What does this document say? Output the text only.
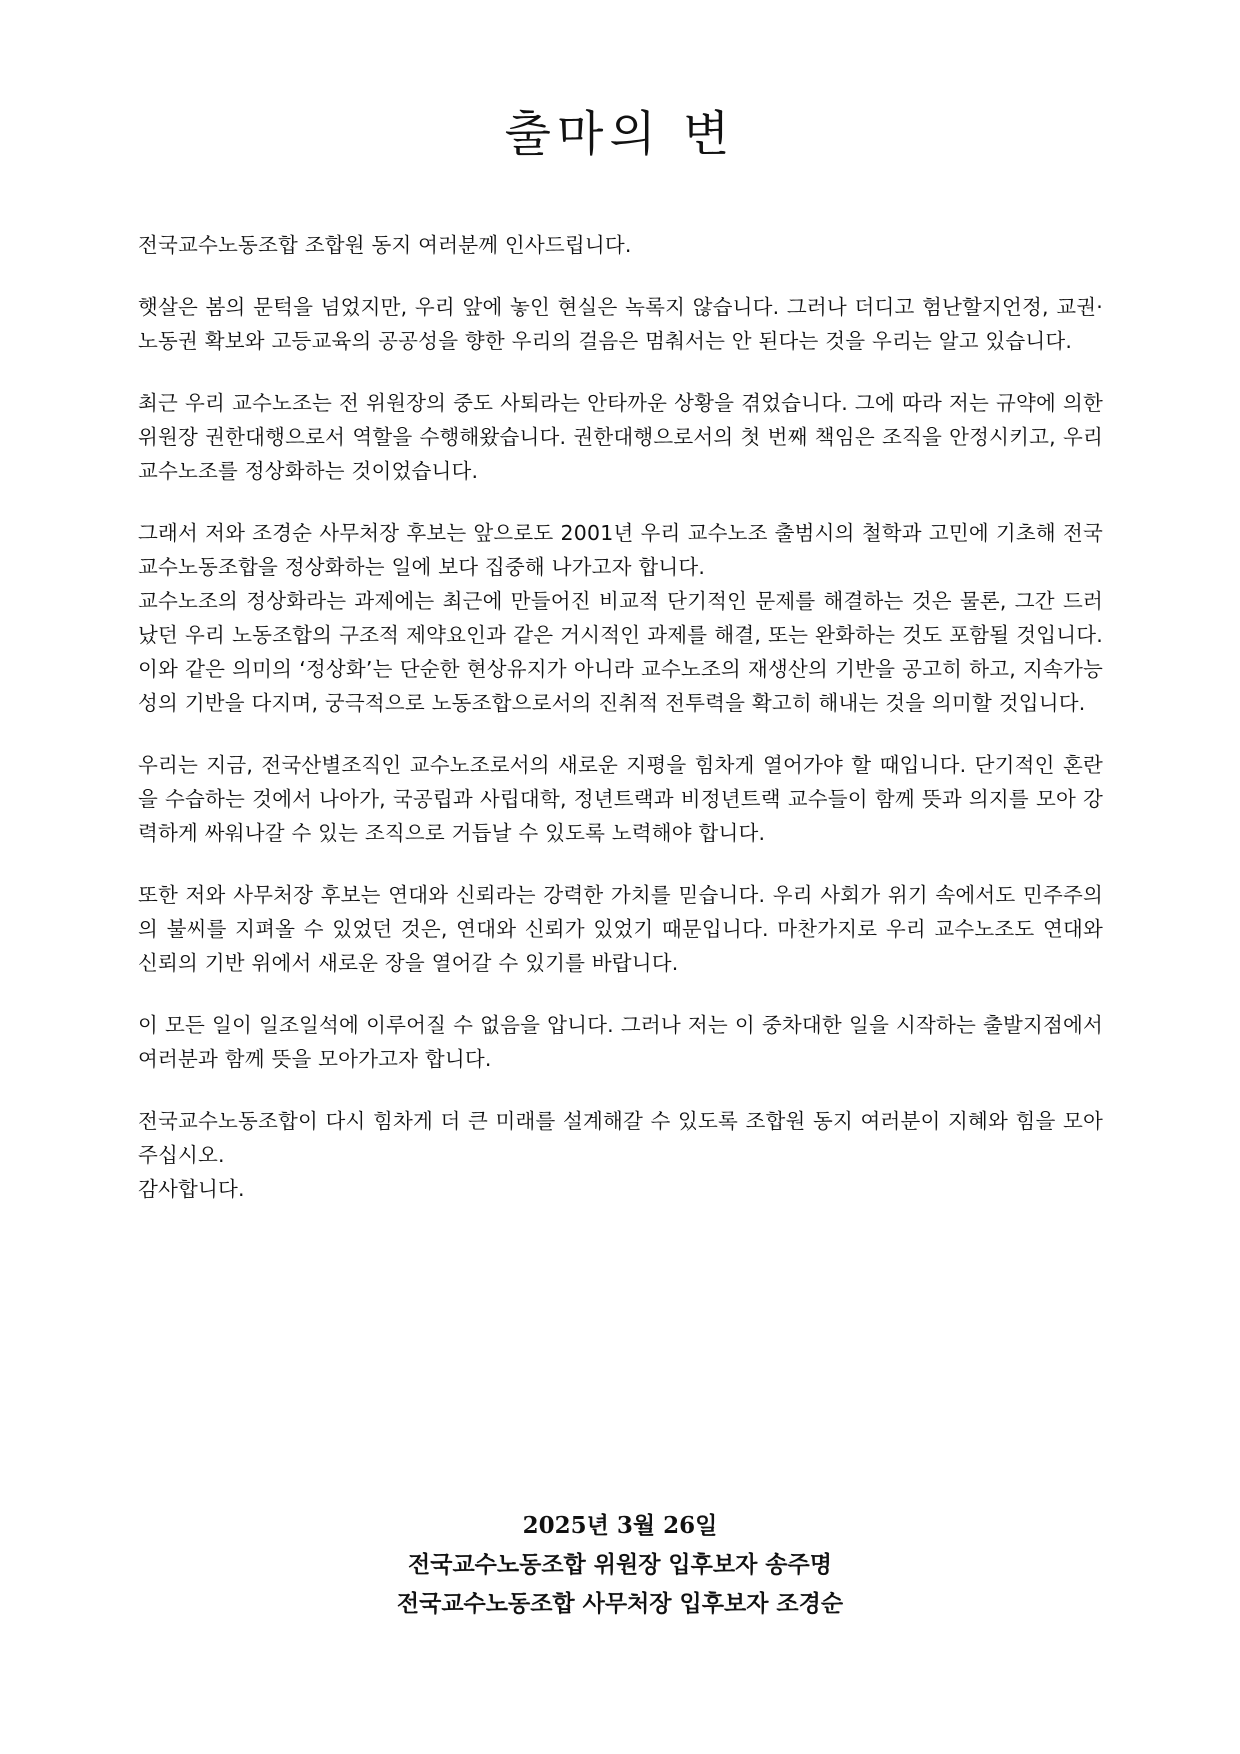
출마의 변

전국교수노동조합 조합원 동지 여러분께 인사드립니다.

햇살은 봄의 문턱을 넘었지만, 우리 앞에 놓인 현실은 녹록지 않습니다. 그러나 더디고 험난할지언정, 교권·노동권 확보와 고등교육의 공공성을 향한 우리의 걸음은 멈춰서는 안 된다는 것을 우리는 알고 있습니다.

최근 우리 교수노조는 전 위원장의 중도 사퇴라는 안타까운 상황을 겪었습니다. 그에 따라 저는 규약에 의한 위원장 권한대행으로서 역할을 수행해왔습니다. 권한대행으로서의 첫 번째 책임은 조직을 안정시키고, 우리 교수노조를 정상화하는 것이었습니다.

그래서 저와 조경순 사무처장 후보는 앞으로도 2001년 우리 교수노조 출범시의 철학과 고민에 기초해 전국교수노동조합을 정상화하는 일에 보다 집중해 나가고자 합니다.

교수노조의 정상화라는 과제에는 최근에 만들어진 비교적 단기적인 문제를 해결하는 것은 물론, 그간 드러났던 우리 노동조합의 구조적 제약요인과 같은 거시적인 과제를 해결, 또는 완화하는 것도 포함될 것입니다. 이와 같은 의미의 ‘정상화’는 단순한 현상유지가 아니라 교수노조의 재생산의 기반을 공고히 하고, 지속가능성의 기반을 다지며, 궁극적으로 노동조합으로서의 진취적 전투력을 확고히 해내는 것을 의미할 것입니다.

우리는 지금, 전국산별조직인 교수노조로서의 새로운 지평을 힘차게 열어가야 할 때입니다. 단기적인 혼란을 수습하는 것에서 나아가, 국공립과 사립대학, 정년트랙과 비정년트랙 교수들이 함께 뜻과 의지를 모아 강력하게 싸워나갈 수 있는 조직으로 거듭날 수 있도록 노력해야 합니다.

또한 저와 사무처장 후보는 연대와 신뢰라는 강력한 가치를 믿습니다. 우리 사회가 위기 속에서도 민주주의의 불씨를 지펴올 수 있었던 것은, 연대와 신뢰가 있었기 때문입니다. 마찬가지로 우리 교수노조도 연대와 신뢰의 기반 위에서 새로운 장을 열어갈 수 있기를 바랍니다.

이 모든 일이 일조일석에 이루어질 수 없음을 압니다. 그러나 저는 이 중차대한 일을 시작하는 출발지점에서 여러분과 함께 뜻을 모아가고자 합니다.

전국교수노동조합이 다시 힘차게 더 큰 미래를 설계해갈 수 있도록 조합원 동지 여러분이 지혜와 힘을 모아주십시오.

감사합니다.

2025년 3월 26일
전국교수노동조합 위원장 입후보자 송주명
전국교수노동조합 사무처장 입후보자 조경순
